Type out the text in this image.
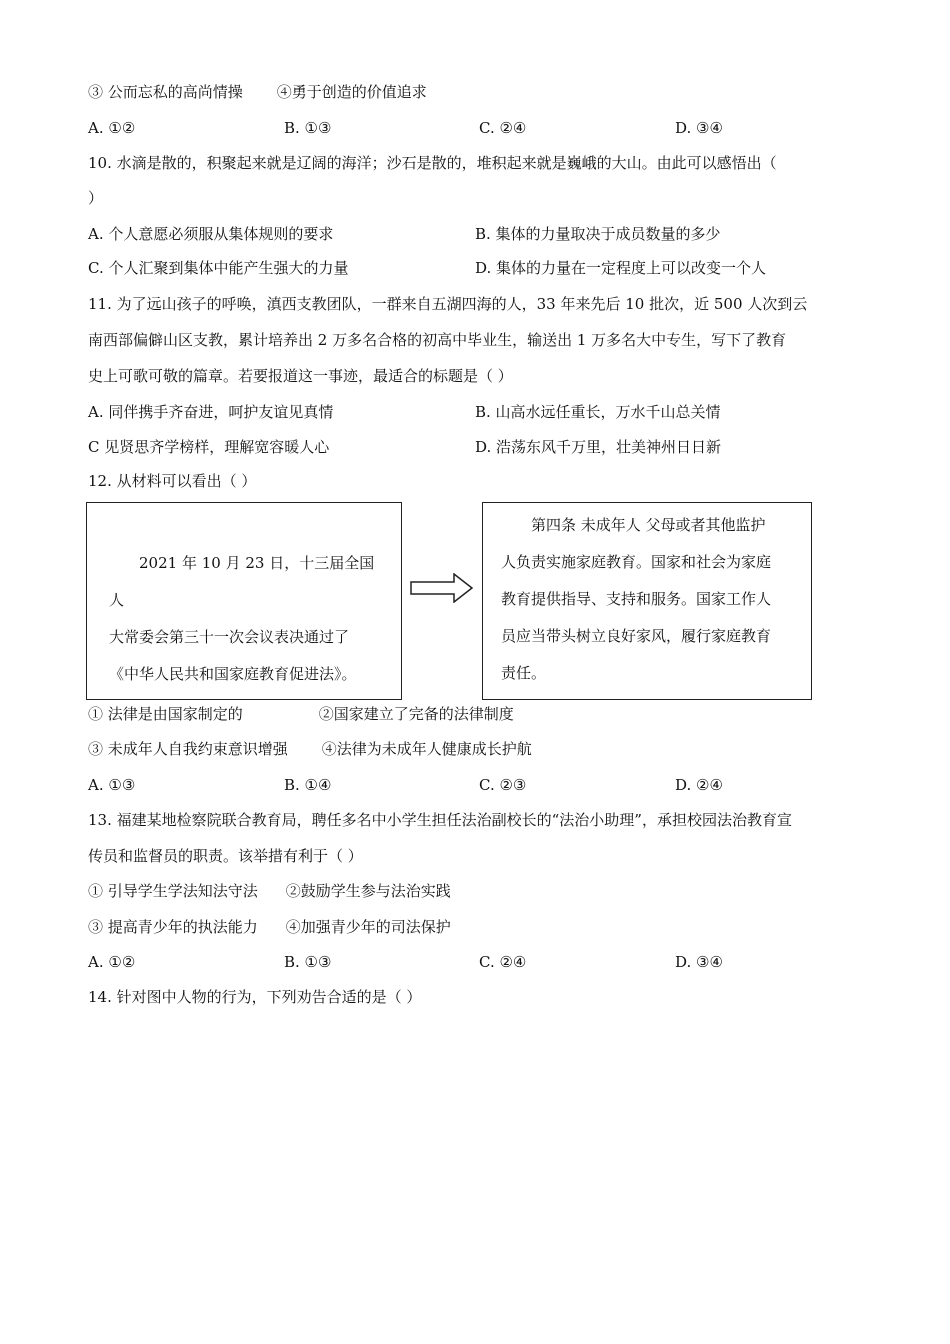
③ 公而忘私的高尚情操 ④勇于创造的价值追求
A. ①②	B. ①③	C. ②④	D. ③④
10. 水滴是散的，积聚起来就是辽阔的海洋；沙石是散的，堆积起来就是巍峨的大山。由此可以感悟出（
）
A. 个人意愿必须服从集体规则的要求	B. 集体的力量取决于成员数量的多少
C. 个人汇聚到集体中能产生强大的力量	D. 集体的力量在一定程度上可以改变一个人
11. 为了远山孩子的呼唤，滇西支教团队，一群来自五湖四海的人，33 年来先后 10 批次，近 500 人次到云
南西部偏僻山区支教，累计培养出 2 万多名合格的初高中毕业生，输送出 1 万多名大中专生，写下了教育
史上可歌可敬的篇章。若要报道这一事迹，最适合的标题是（ ）
A. 同伴携手齐奋进，呵护友谊见真情	B. 山高水远任重长，万水千山总关情
C 见贤思齐学榜样，理解宽容暖人心	D. 浩荡东风千万里，壮美神州日日新
12. 从材料可以看出（ ）

2021 年 10 月 23 日，十三届全国人

大常委会第三十一次会议表决通过了

《中华人民共和国家庭教育促进法》。

第四条 未成年人 父母或者其他监护

人负责实施家庭教育。国家和社会为家庭

教育提供指导、支持和服务。国家工作人

员应当带头树立良好家风，履行家庭教育

责任。

① 法律是由国家制定的	②国家建立了完备的法律制度
③ 未成年人自我约束意识增强 ④法律为未成年人健康成长护航
A. ①③	B. ①④	C. ②③	D. ②④
13. 福建某地检察院联合教育局，聘任多名中小学生担任法治副校长的“法治小助理”，承担校园法治教育宣
传员和监督员的职责。该举措有利于（ ）
① 引导学生学法知法守法 ②鼓励学生参与法治实践
③ 提高青少年的执法能力 ④加强青少年的司法保护
A. ①②	B. ①③	C. ②④	D. ③④
14. 针对图中人物的行为，下列劝告合适的是（ ）
